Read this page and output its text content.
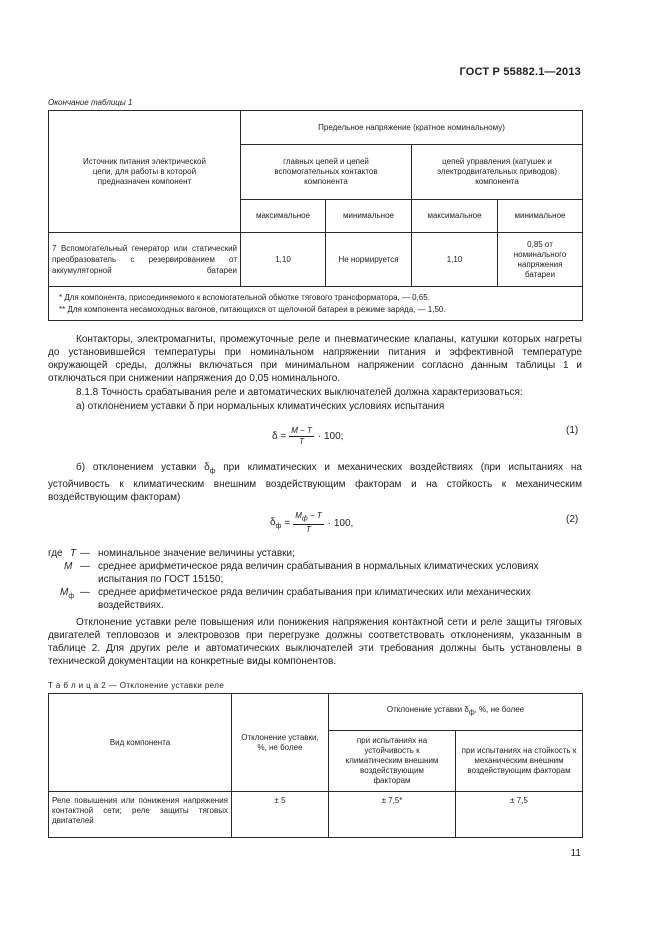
ГОСТ Р 55882.1—2013
Окончание таблицы 1
Источник питания электрической цепи, для работы в которой предназначен компонент	Предельное напряжение (кратное номинальному)			
	главных цепей и цепей вспомогательных контактов компонента		цепей управления (катушек и электродвигательных приводов) компонента	
	максимальное	минимальное	максимальное	минимальное
7 Вспомогательный генератор или статический преобразователь с резервированием от аккумуляторной батареи	1,10	Не нормируется	1,10	0,85 от номинального напряжения батареи

* Для компонента, присоединяемого к вспомогательной обмотке тягового трансформатора, — 0,65.
** Для компонента несамоходных вагонов, питающихся от щелочной батареи в режиме заряда, — 1,50.				
Контакторы, электромагниты, промежуточные реле и пневматические клапаны, катушки которых нагреты до установившейся температуры при номинальном напряжении питания и эффективной температуре окружающей среды, должны включаться при минимальном напряжении согласно данным таблицы 1 и отключаться при снижении напряжения до 0,05 номинального.
8.1.8 Точность срабатывания реле и автоматических выключателей должна характеризоваться:
а) отклонением уставки δ при нормальных климатических условиях испытания
$\delta = \frac{M - T}{T} \cdot 100$;	(1)
б) отклонением уставки $\delta_ф$ при климатических и механических воздействиях (при испытаниях на устойчивость к климатическим внешним воздействующим факторам и на стойкость к механическим воздействующим факторам)
$\delta_ф = \frac{M_ф - T}{T} \cdot 100$,	(2)
где T — номинальное значение величины уставки;
M — среднее арифметическое ряда величин срабатывания в нормальных климатических условиях испытания по ГОСТ 15150;
$M_ф$ — среднее арифметическое ряда величин срабатывания при климатических или механических воздействиях.
Отклонение уставки реле повышения или понижения напряжения контактной сети и реле защиты тяговых двигателей тепловозов и электровозов при перегрузке должны соответствовать отклонениям, указанным в таблице 2. Для других реле и автоматических выключателей эти требования должны быть установлены в технической документации на конкретные виды компонентов.
Т а б л и ц а 2 — Отклонение уставки реле
Вид компонента	Отклонение уставки, %, не более	Отклонение уставки $\delta_ф$, %, не более	
		при испытаниях на устойчивость к климатическим внешним воздействующим факторам	при испытаниях на стойкость к механическим внешним воздействующим факторам
Реле повышения или понижения напряжения контактной сети; реле защиты тяговых двигателей	± 5	± 7,5*	± 7,5
11
